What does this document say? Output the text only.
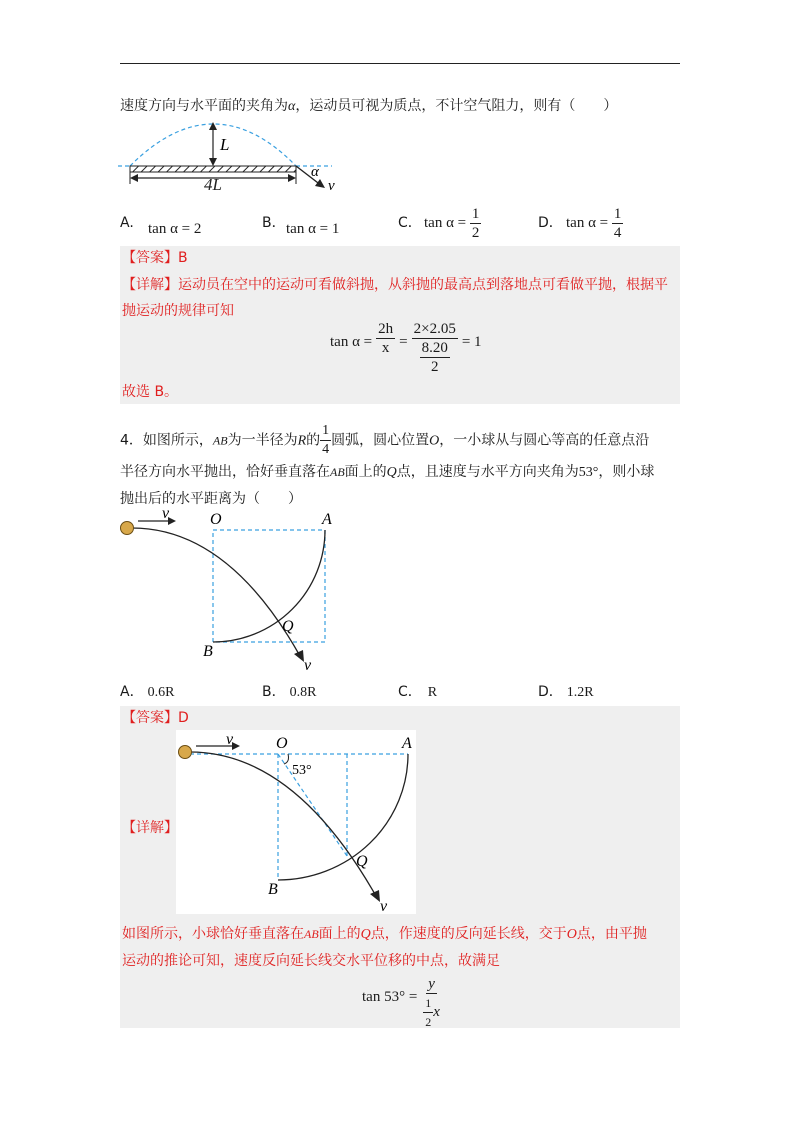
速度方向与水平面的夹角为α，运动员可视为质点，不计空气阻力，则有（　　）
L
4L
α
v
A. tan α = 2	B． tan α = 1	C． $\tan \alpha = \frac{1}{2}$	D． $\tan \alpha = \frac{1}{4}$
【答案】B
【详解】运动员在空中的运动可看做斜抛，从斜抛的最高点到落地点可看做平抛，根据平
抛运动的规律可知
$\tan \alpha = \frac{2h}{x} = \frac{2\times 2.05}{\frac{8.20}{2}} = 1$
故选 B。
4．如图所示，AB为一半径为R的 $\frac{1}{4}$ 圆弧，圆心位置O，一小球从与圆心等高的任意点沿
半径方向水平抛出，恰好垂直落在AB面上的Q点，且速度与水平方向夹角为53°，则小球
抛出后的水平距离为（　　）
v	O	A
B
Q
v
A． 0.6R	B． 0.8R	C． R	D． 1.2R
【答案】D
【详解】
v	O	A
53°
Q
B
v
如图所示，小球恰好垂直落在AB面上的Q点，作速度的反向延长线，交于O点，由平抛
运动的推论可知，速度反向延长线交水平位移的中点，故满足
$\tan 53^\circ = \frac{y}{\frac{1}{2} x}$
